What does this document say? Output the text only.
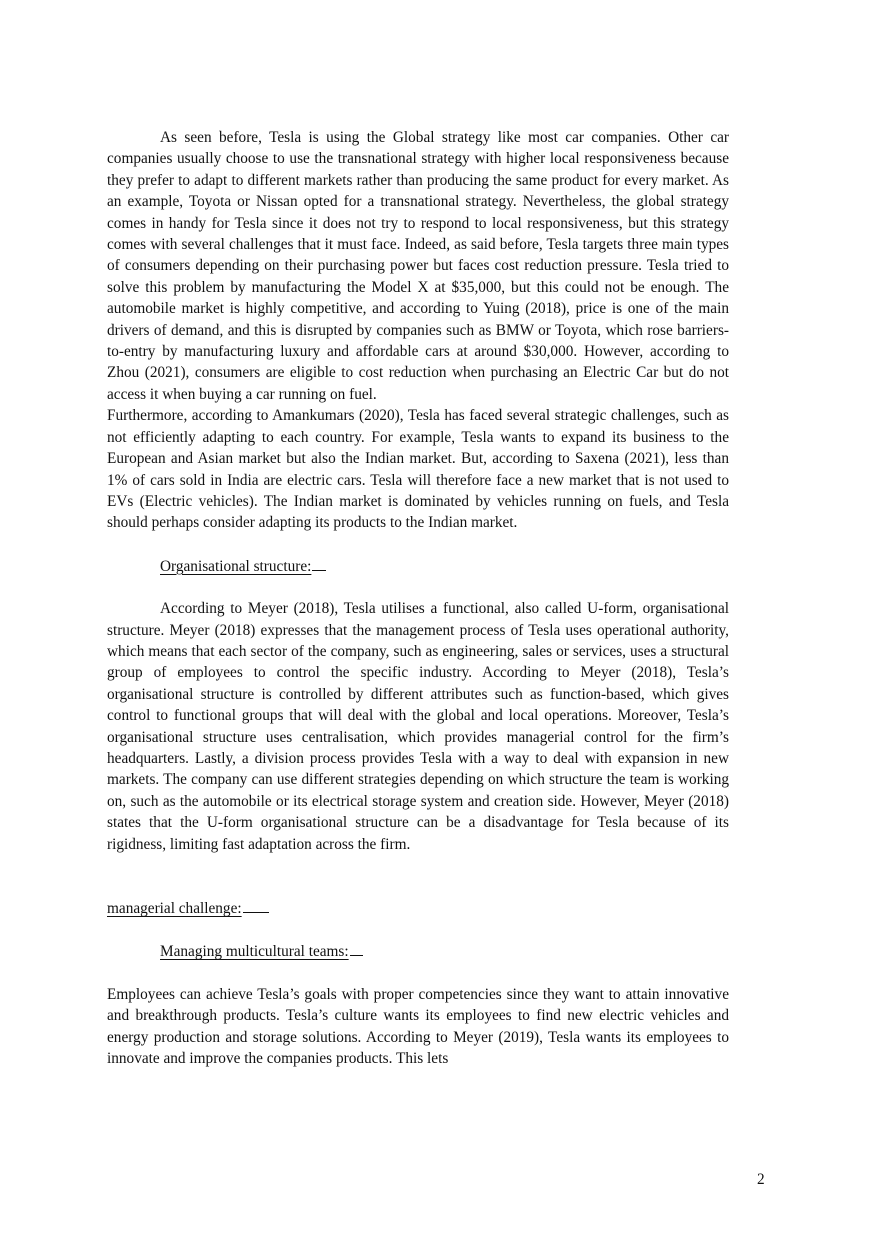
As seen before, Tesla is using the Global strategy like most car companies. Other car companies usually choose to use the transnational strategy with higher local responsiveness because they prefer to adapt to different markets rather than producing the same product for every market. As an example, Toyota or Nissan opted for a transnational strategy. Nevertheless, the global strategy comes in handy for Tesla since it does not try to respond to local responsiveness, but this strategy comes with several challenges that it must face. Indeed, as said before, Tesla targets three main types of consumers depending on their purchasing power but faces cost reduction pressure. Tesla tried to solve this problem by manufacturing the Model X at $35,000, but this could not be enough. The automobile market is highly competitive, and according to Yuing (2018), price is one of the main drivers of demand, and this is disrupted by companies such as BMW or Toyota, which rose barriers-to-entry by manufacturing luxury and affordable cars at around $30,000. However, according to Zhou (2021), consumers are eligible to cost reduction when purchasing an Electric Car but do not access it when buying a car running on fuel.

Furthermore, according to Amankumars (2020), Tesla has faced several strategic challenges, such as not efficiently adapting to each country. For example, Tesla wants to expand its business to the European and Asian market but also the Indian market. But, according to Saxena (2021), less than 1% of cars sold in India are electric cars. Tesla will therefore face a new market that is not used to EVs (Electric vehicles). The Indian market is dominated by vehicles running on fuels, and Tesla should perhaps consider adapting its products to the Indian market.

Organisational structure:

According to Meyer (2018), Tesla utilises a functional, also called U-form, organisational structure. Meyer (2018) expresses that the management process of Tesla uses operational authority, which means that each sector of the company, such as engineering, sales or services, uses a structural group of employees to control the specific industry. According to Meyer (2018), Tesla’s organisational structure is controlled by different attributes such as function-based, which gives control to functional groups that will deal with the global and local operations. Moreover, Tesla’s organisational structure uses centralisation, which provides managerial control for the firm’s headquarters. Lastly, a division process provides Tesla with a way to deal with expansion in new markets. The company can use different strategies depending on which structure the team is working on, such as the automobile or its electrical storage system and creation side. However, Meyer (2018) states that the U-form organisational structure can be a disadvantage for Tesla because of its rigidness, limiting fast adaptation across the firm.

managerial challenge:

Managing multicultural teams:

Employees can achieve Tesla’s goals with proper competencies since they want to attain innovative and breakthrough products. Tesla’s culture wants its employees to find new electric vehicles and energy production and storage solutions. According to Meyer (2019), Tesla wants its employees to innovate and improve the companies products. This lets

2
